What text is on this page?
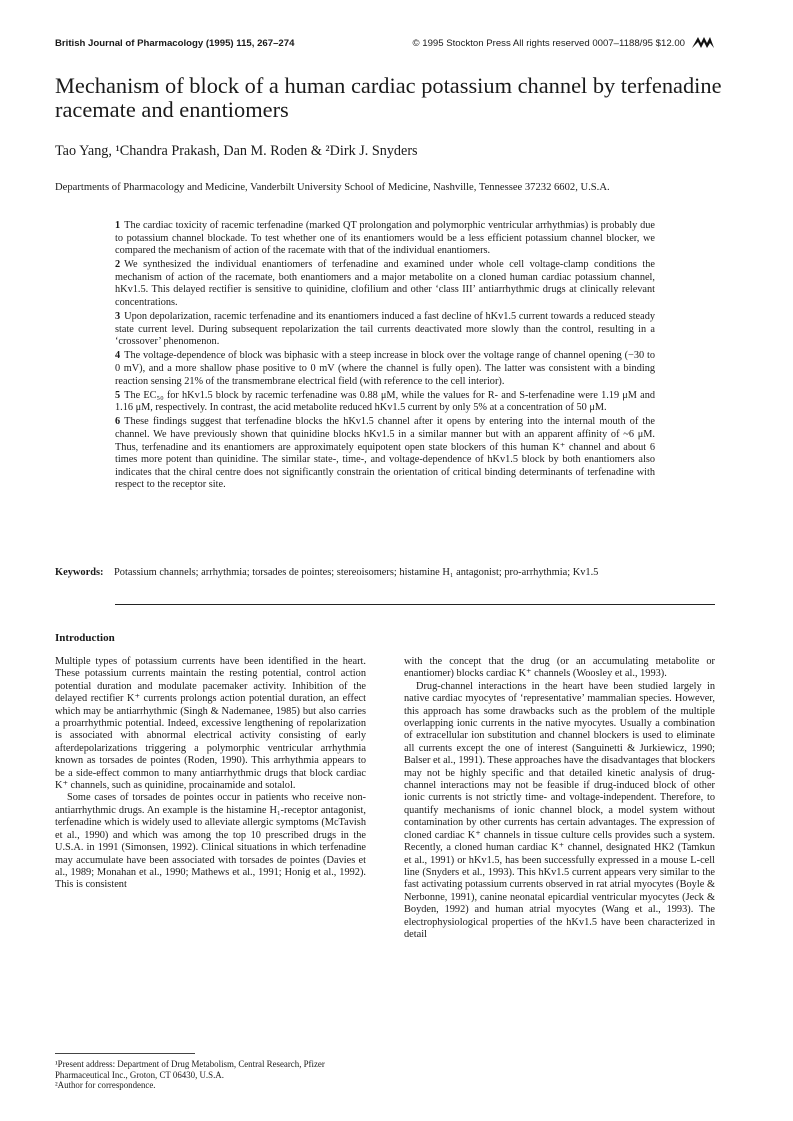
British Journal of Pharmacology (1995) 115, 267–274	© 1995 Stockton Press All rights reserved 0007–1188/95 $12.00
Mechanism of block of a human cardiac potassium channel by terfenadine racemate and enantiomers
Tao Yang, ¹Chandra Prakash, Dan M. Roden & ²Dirk J. Snyders
Departments of Pharmacology and Medicine, Vanderbilt University School of Medicine, Nashville, Tennessee 37232 6602, U.S.A.

1 The cardiac toxicity of racemic terfenadine (marked QT prolongation and polymorphic ventricular arrhythmias) is probably due to potassium channel blockade. To test whether one of its enantiomers would be a less efficient potassium channel blocker, we compared the mechanism of action of the racemate with that of the individual enantiomers.

2 We synthesized the individual enantiomers of terfenadine and examined under whole cell voltage-clamp conditions the mechanism of action of the racemate, both enantiomers and a major metabolite on a cloned human cardiac potassium channel, hKv1.5. This delayed rectifier is sensitive to quinidine, clofilium and other ‘class III’ antiarrhythmic drugs at clinically relevant concentrations.

3 Upon depolarization, racemic terfenadine and its enantiomers induced a fast decline of hKv1.5 current towards a reduced steady state current level. During subsequent repolarization the tail currents deactivated more slowly than the control, resulting in a ‘crossover’ phenomenon.

4 The voltage-dependence of block was biphasic with a steep increase in block over the voltage range of channel opening (−30 to 0 mV), and a more shallow phase positive to 0 mV (where the channel is fully open). The latter was consistent with a binding reaction sensing 21% of the transmembrane electrical field (with reference to the cell interior).

5 The EC₅₀ for hKv1.5 block by racemic terfenadine was 0.88 μM, while the values for R- and S-terfenadine were 1.19 μM and 1.16 μM, respectively. In contrast, the acid metabolite reduced hKv1.5 current by only 5% at a concentration of 50 μM.

6 These findings suggest that terfenadine blocks the hKv1.5 channel after it opens by entering into the internal mouth of the channel. We have previously shown that quinidine blocks hKv1.5 in a similar manner but with an apparent affinity of ~6 μM. Thus, terfenadine and its enantiomers are approximately equipotent open state blockers of this human K⁺ channel and about 6 times more potent than quinidine. The similar state-, time-, and voltage-dependence of hKv1.5 block by both enantiomers also indicates that the chiral centre does not significantly constrain the orientation of critical binding determinants of terfenadine with respect to the receptor site.

Keywords: Potassium channels; arrhythmia; torsades de pointes; stereoisomers; histamine H₁ antagonist; pro-arrhythmia; Kv1.5
Introduction

Multiple types of potassium currents have been identified in the heart. These potassium currents maintain the resting potential, control action potential duration and modulate pacemaker activity. Inhibition of the delayed rectifier K⁺ currents prolongs action potential duration, an effect which may be antiarrhythmic (Singh & Nademanee, 1985) but also carries a proarrhythmic potential. Indeed, excessive lengthening of repolarization is associated with abnormal electrical activity consisting of early afterdepolarizations triggering a polymorphic ventricular arrhythmia known as torsades de pointes (Roden, 1990). This arrhythmia appears to be a side-effect common to many antiarrhythmic drugs that block cardiac K⁺ channels, such as quinidine, procainamide and sotalol.

Some cases of torsades de pointes occur in patients who receive non-antiarrhythmic drugs. An example is the histamine H₁-receptor antagonist, terfenadine which is widely used to alleviate allergic symptoms (McTavish et al., 1990) and which was among the top 10 prescribed drugs in the U.S.A. in 1991 (Simonsen, 1992). Clinical situations in which terfenadine may accumulate have been associated with torsades de pointes (Davies et al., 1989; Monahan et al., 1990; Mathews et al., 1991; Honig et al., 1992). This is consistent

with the concept that the drug (or an accumulating metabolite or enantiomer) blocks cardiac K⁺ channels (Woosley et al., 1993).

Drug-channel interactions in the heart have been studied largely in native cardiac myocytes of ‘representative’ mammalian species. However, this approach has some drawbacks such as the problem of the multiple overlapping ionic currents in the native myocytes. Usually a combination of extracellular ion substitution and channel blockers is used to eliminate all currents except the one of interest (Sanguinetti & Jurkiewicz, 1990; Balser et al., 1991). These approaches have the disadvantages that blockers may not be highly specific and that detailed kinetic analysis of drug-channel interactions may not be feasible if drug-induced block of other ionic currents is not strictly time- and voltage-independent. Therefore, to quantify mechanisms of ionic channel block, a model system without contamination by other currents has certain advantages. The expression of cloned cardiac K⁺ channels in tissue culture cells provides such a system. Recently, a cloned human cardiac K⁺ channel, designated HK2 (Tamkun et al., 1991) or hKv1.5, has been successfully expressed in a mouse L-cell line (Snyders et al., 1993). This hKv1.5 current appears very similar to the fast activating potassium currents observed in rat atrial myocytes (Boyle & Nerbonne, 1991), canine neonatal epicardial ventricular myocytes (Jeck & Boyden, 1992) and human atrial myocytes (Wang et al., 1993). The electrophysiological properties of the hKv1.5 have been characterized in detail

¹Present address: Department of Drug Metabolism, Central Research, Pfizer Pharmaceutical Inc., Groton, CT 06430, U.S.A.

²Author for correspondence.
